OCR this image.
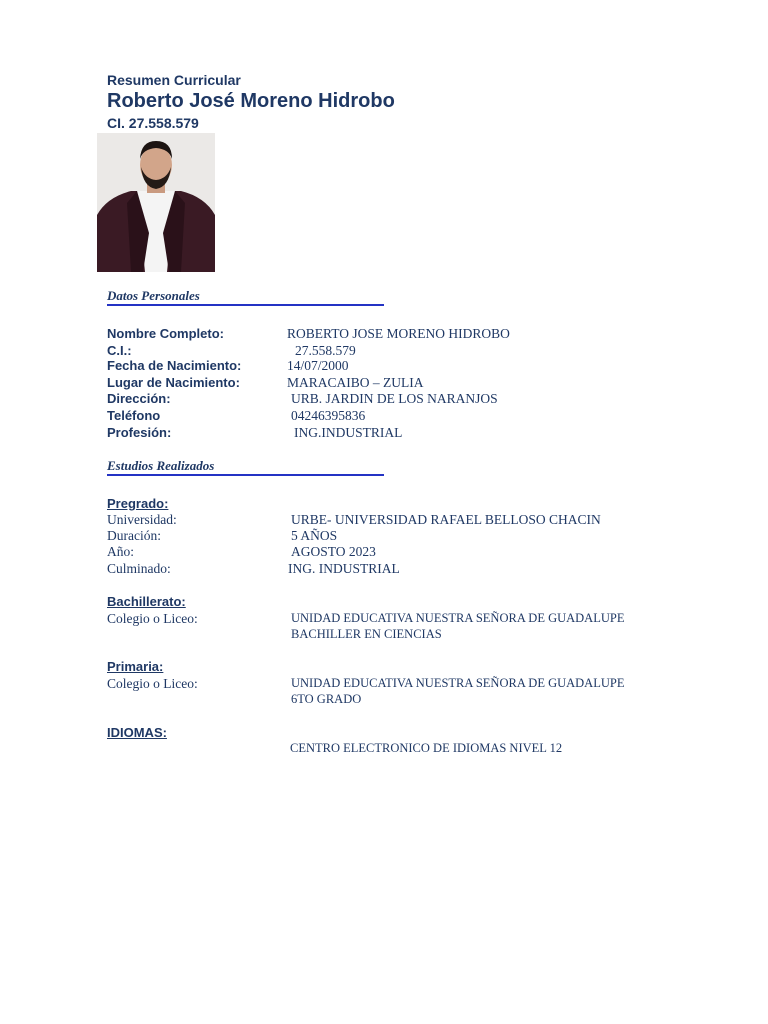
Resumen Curricular
Roberto José Moreno Hidrobo
CI. 27.558.579
Datos Personales
Nombre Completo:	ROBERTO JOSE MORENO HIDROBO
C.I.:	27.558.579
Fecha de Nacimiento:	14/07/2000
Lugar de Nacimiento:	MARACAIBO – ZULIA
Dirección:	URB. JARDIN DE LOS NARANJOS
Teléfono	04246395836
Profesión:	ING.INDUSTRIAL
Estudios Realizados
Pregrado:
Universidad:	URBE- UNIVERSIDAD RAFAEL BELLOSO CHACIN
Duración:	5 AÑOS
Año:	AGOSTO 2023
Culminado:	ING. INDUSTRIAL
Bachillerato:
Colegio o Liceo:	UNIDAD EDUCATIVA NUESTRA SEÑORA DE GUADALUPE
BACHILLER EN CIENCIAS
Primaria:
Colegio o Liceo:	UNIDAD EDUCATIVA NUESTRA SEÑORA DE GUADALUPE
6TO GRADO
IDIOMAS:
CENTRO ELECTRONICO DE IDIOMAS NIVEL 12
